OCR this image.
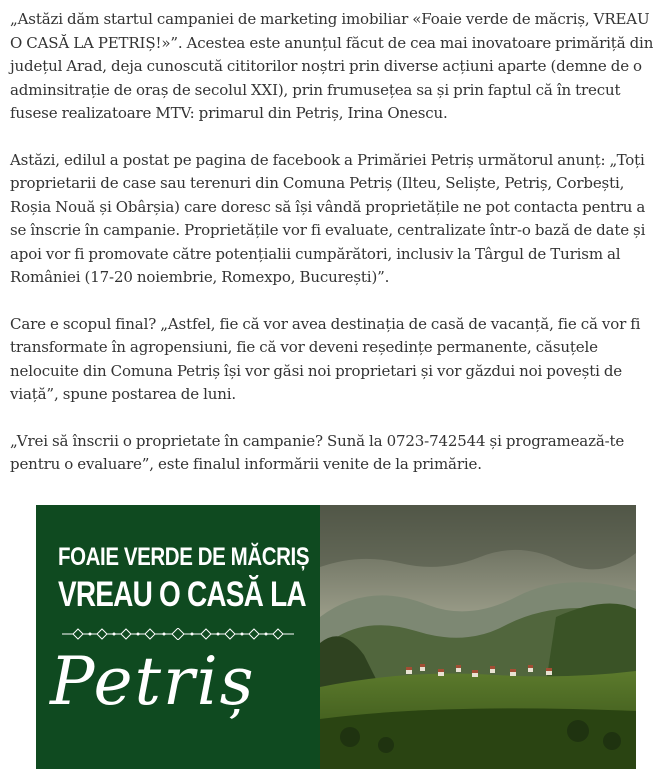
„Astăzi dăm startul campaniei de marketing imobiliar «Foaie verde de măcriș, VREAU O CASĂ LA PETRIȘ!»”. Acestea este anunțul făcut de cea mai inovatoare primăriță din județul Arad, deja cunoscută cititorilor noștri prin diverse acțiuni aparte (demne de o adminsitrație de oraș de secolul XXI), prin frumusețea sa și prin faptul că în trecut fusese realizatoare MTV: primarul din Petriș, Irina Onescu.

Astăzi, edilul a postat pe pagina de facebook a Primăriei Petriș următorul anunț: „Toți proprietarii de case sau terenuri din Comuna Petriș (Ilteu, Seliște, Petriș, Corbești, Roșia Nouă și Obârșia) care doresc să își vândă proprietățile ne pot contacta pentru a se înscrie în campanie. Proprietățile vor fi evaluate, centralizate într-o bază de date și apoi vor fi promovate către potențialii cumpărători, inclusiv la Târgul de Turism al României (17-20 noiembrie, Romexpo, București)”.

Care e scopul final? „Astfel, fie că vor avea destinația de casă de vacanță, fie că vor fi transformate în agropensiuni, fie că vor deveni reședințe permanente, căsuțele nelocuite din Comuna Petriș își vor găsi noi proprietari și vor găzdui noi povești de viață”, spune postarea de luni.

„Vrei să înscrii o proprietate în campanie? Sună la 0723-742544 și programează-te pentru o evaluare”, este finalul informării venite de la primărie.

FOAIE VERDE DE MĂCRIȘ
VREAU O CASĂ LA
Petriș
